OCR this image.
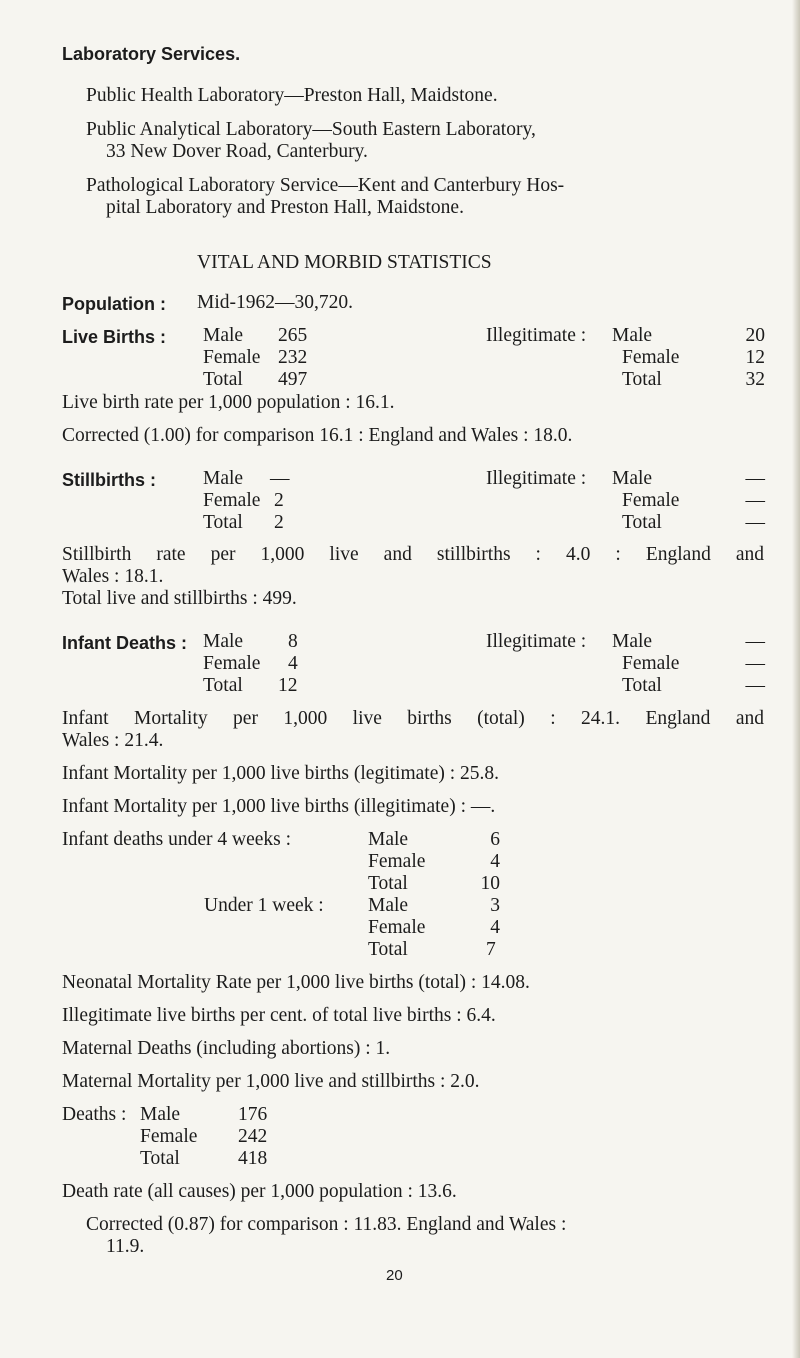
Laboratory Services.
Public Health Laboratory—Preston Hall, Maidstone.
Public Analytical Laboratory—South Eastern Laboratory,
33 New Dover Road, Canterbury.
Pathological Laboratory Service—Kent and Canterbury Hos-
pital Laboratory and Preston Hall, Maidstone.
VITAL AND MORBID STATISTICS
Population : Mid-1962—30,720.
Live Births : Male
Female
Total
265
232
497
Illegitimate : Male
Female
Total
20
12
32
Live birth rate per 1,000 population : 16.1.
Corrected (1.00) for comparison 16.1 : England and Wales : 18.0.
Stillbirths : Male
Female
Total
—
2
2
Illegitimate : Male
Female
Total
—
—
—
Stillbirth rate per 1,000 live and stillbirths : 4.0 : England and
Wales : 18.1.
Total live and stillbirths : 499.
Infant Deaths : Male
Female
Total
8
4
12
Illegitimate : Male
Female
Total
—
—
—
Infant Mortality per 1,000 live births (total) : 24.1. England and
Wales : 21.4.
Infant Mortality per 1,000 live births (legitimate) : 25.8.
Infant Mortality per 1,000 live births (illegitimate) : —.
Infant deaths under 4 weeks :	Male
Female
Total
6
4
10
Under 1 week : Male
Female
Total
3
4
7
Neonatal Mortality Rate per 1,000 live births (total) : 14.08.
Illegitimate live births per cent. of total live births : 6.4.
Maternal Deaths (including abortions) : 1.
Maternal Mortality per 1,000 live and stillbirths : 2.0.
Deaths : Male
Female
Total
176
242
418
Death rate (all causes) per 1,000 population : 13.6.
Corrected (0.87) for comparison : 11.83. England and Wales :
11.9.
20
